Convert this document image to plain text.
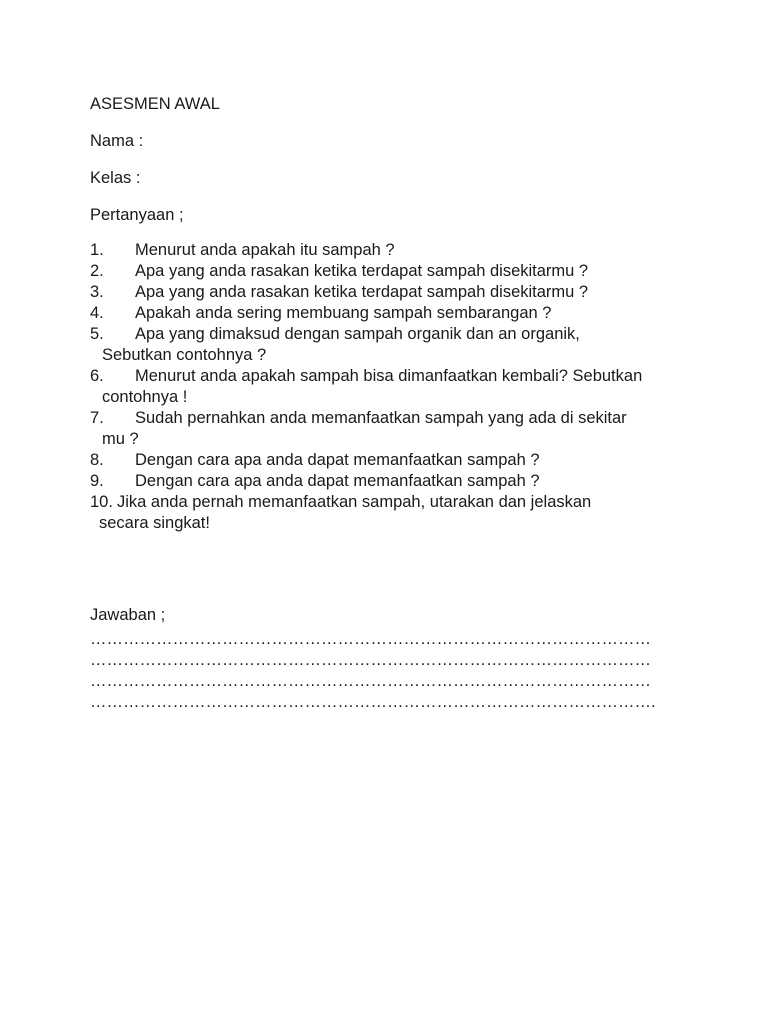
ASESMEN AWAL
Nama :
Kelas :
Pertanyaan ;
1. Menurut anda apakah itu sampah ?
2. Apa yang anda rasakan ketika terdapat sampah disekitarmu ?
3. Apa yang anda rasakan ketika terdapat sampah disekitarmu ?
4. Apakah anda sering membuang sampah sembarangan ?
5. Apa yang dimaksud dengan sampah organik dan an organik,
Sebutkan contohnya ?
6. Menurut anda apakah sampah bisa dimanfaatkan kembali? Sebutkan
contohnya !
7. Sudah pernahkan anda memanfaatkan sampah yang ada di sekitar
mu ?
8. Dengan cara apa anda dapat memanfaatkan sampah ?
9. Dengan cara apa anda dapat memanfaatkan sampah ?
10. Jika anda pernah memanfaatkan sampah, utarakan dan jelaskan
secara singkat!
Jawaban ;
…………………………………………………………………………………………
…………………………………………………………………………………………
…………………………………………………………………………………………
………………………………………………………………………………………….
